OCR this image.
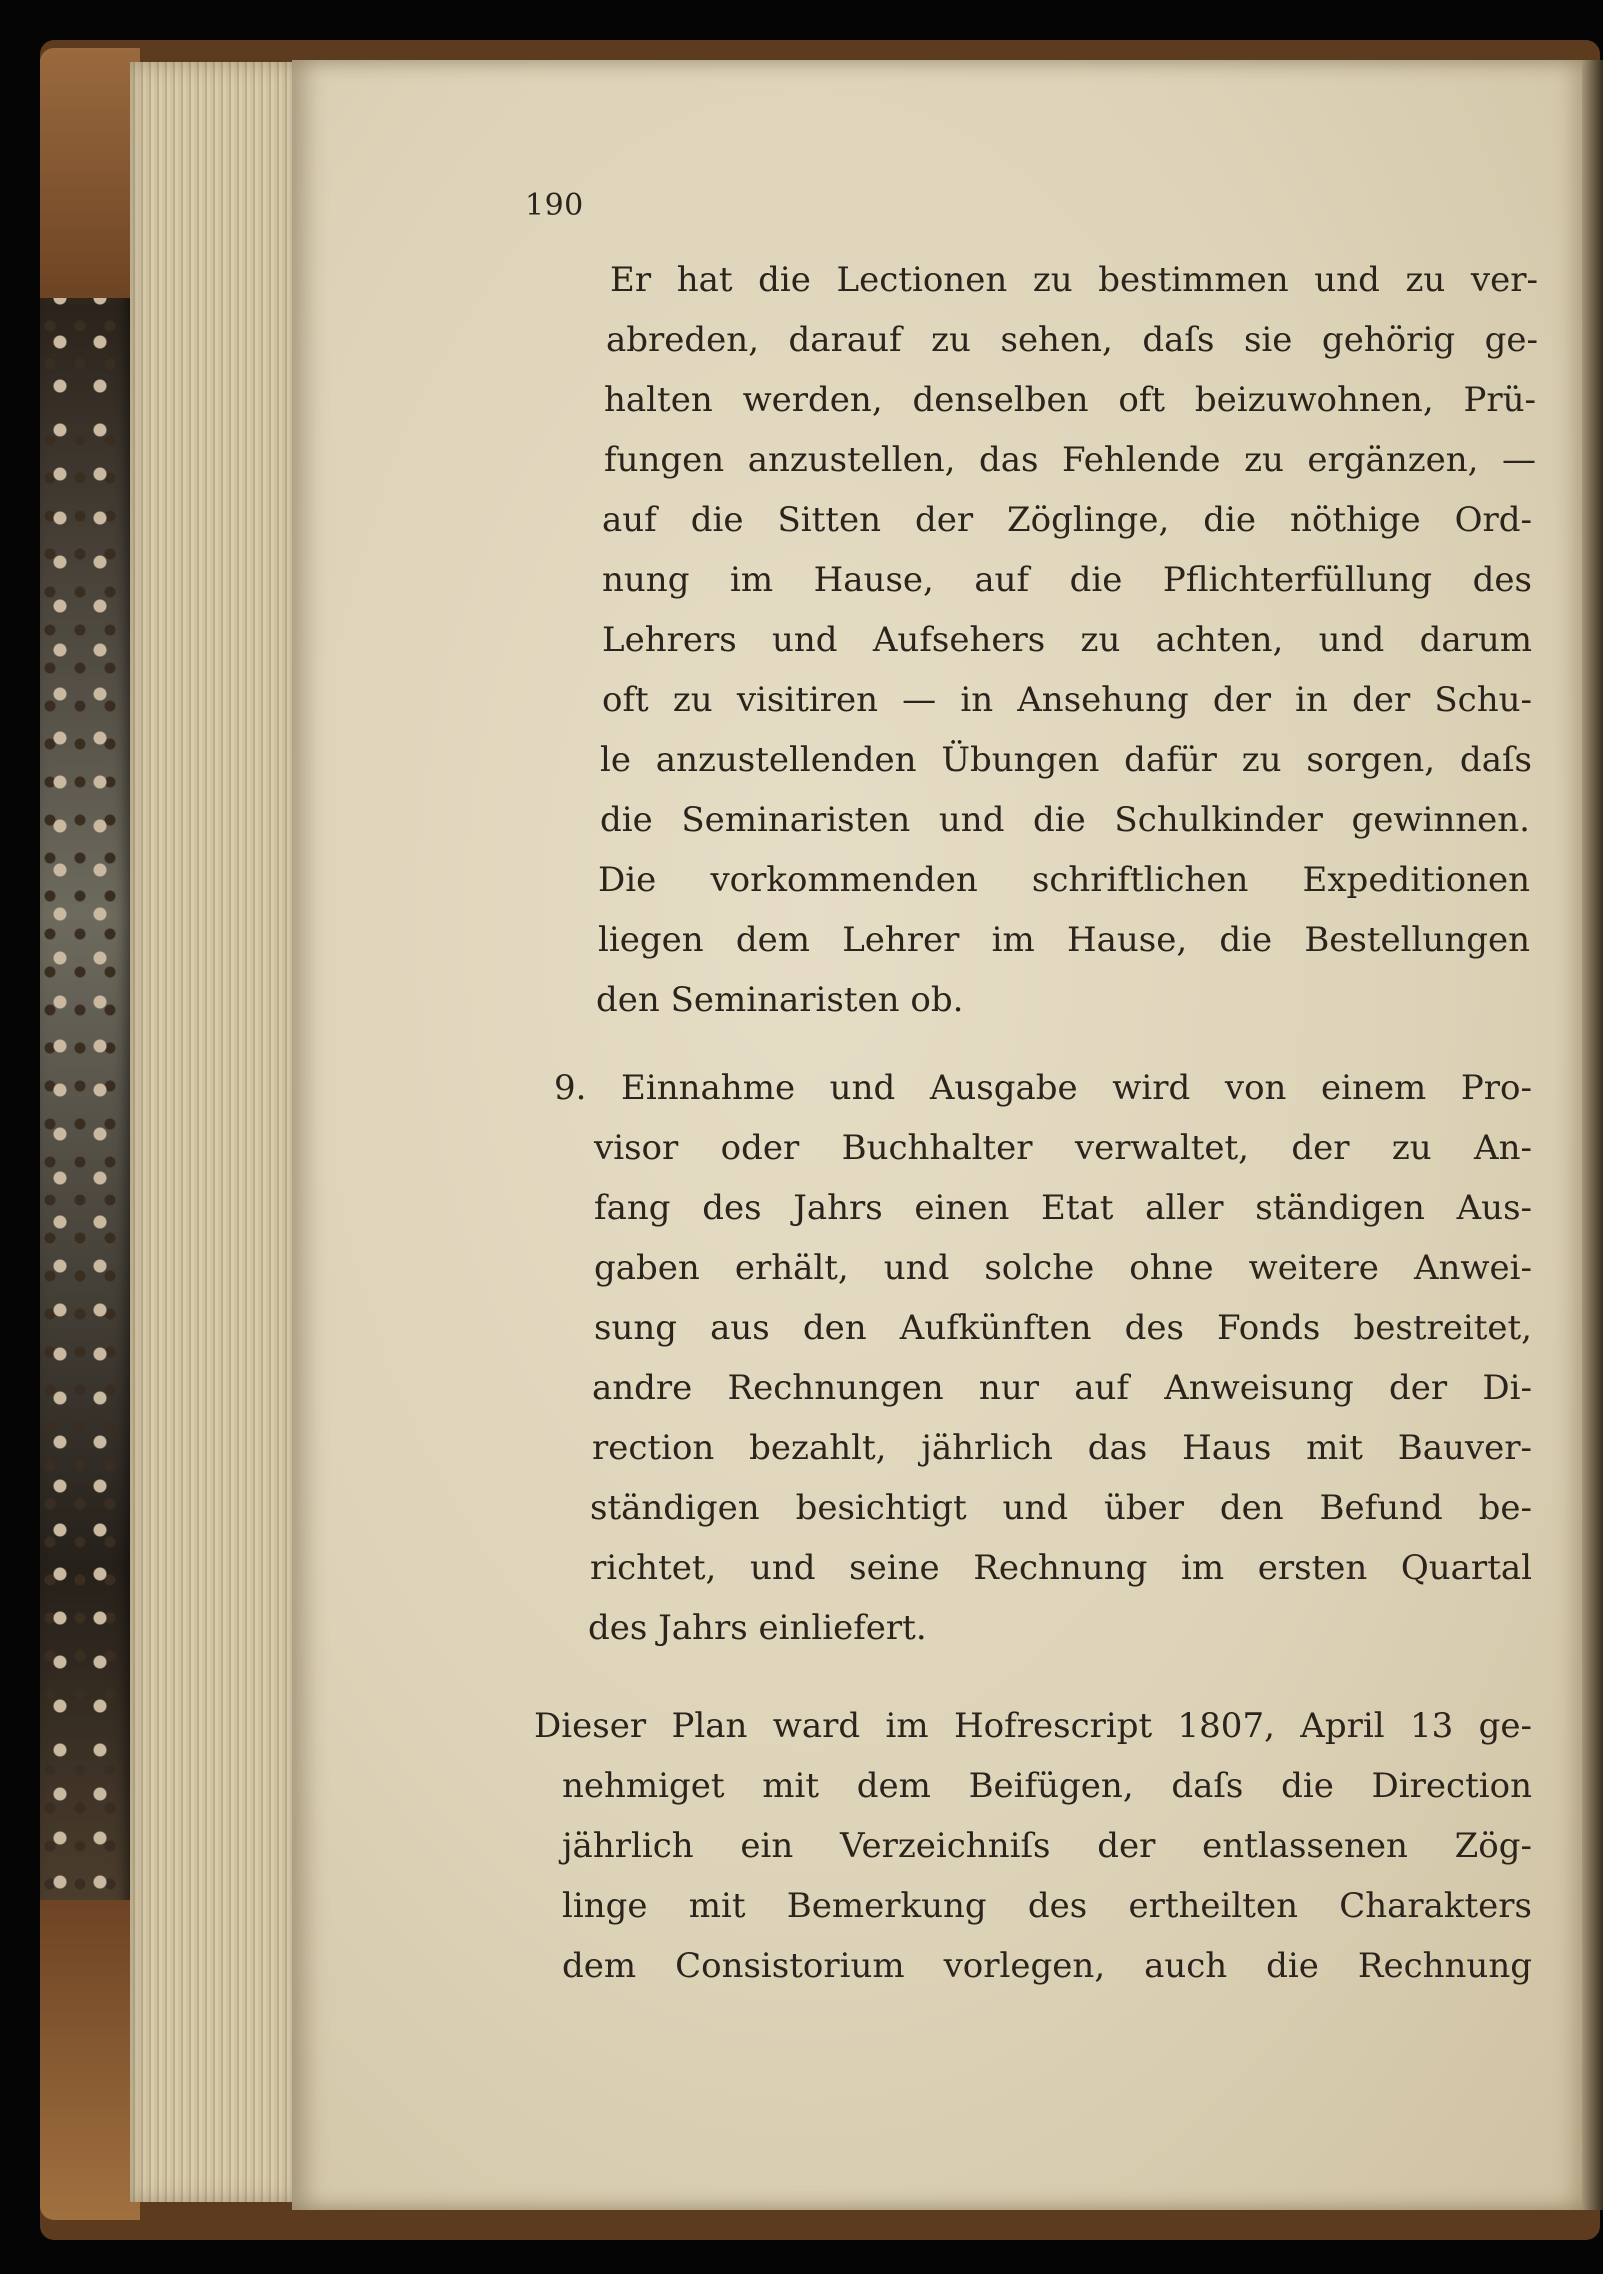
190
Er hat die Lectionen zu bestimmen und zu ver-
abreden, darauf zu sehen, daſs sie gehörig ge-
halten werden, denselben oft beizuwohnen, Prü-
fungen anzustellen, das Fehlende zu ergänzen, —
auf die Sitten der Zöglinge, die nöthige Ord-
nung im Hause, auf die Pflichterfüllung des
Lehrers und Aufsehers zu achten, und darum
oft zu visitiren — in Ansehung der in der Schu-
le anzustellenden Übungen dafür zu sorgen, daſs
die Seminaristen und die Schulkinder gewinnen.
Die vorkommenden schriftlichen Expeditionen
liegen dem Lehrer im Hause, die Bestellungen
den Seminaristen ob.
9. Einnahme und Ausgabe wird von einem Pro-
visor oder Buchhalter verwaltet, der zu An-
fang des Jahrs einen Etat aller ständigen Aus-
gaben erhält, und solche ohne weitere Anwei-
sung aus den Aufkünften des Fonds bestreitet,
andre Rechnungen nur auf Anweisung der Di-
rection bezahlt, jährlich das Haus mit Bauver-
ständigen besichtigt und über den Befund be-
richtet, und seine Rechnung im ersten Quartal
des Jahrs einliefert.
Dieser Plan ward im Hofrescript 1807, April 13 ge-
nehmiget mit dem Beifügen, daſs die Direction
jährlich ein Verzeichniſs der entlassenen Zög-
linge mit Bemerkung des ertheilten Charakters
dem Consistorium vorlegen, auch die Rechnung
